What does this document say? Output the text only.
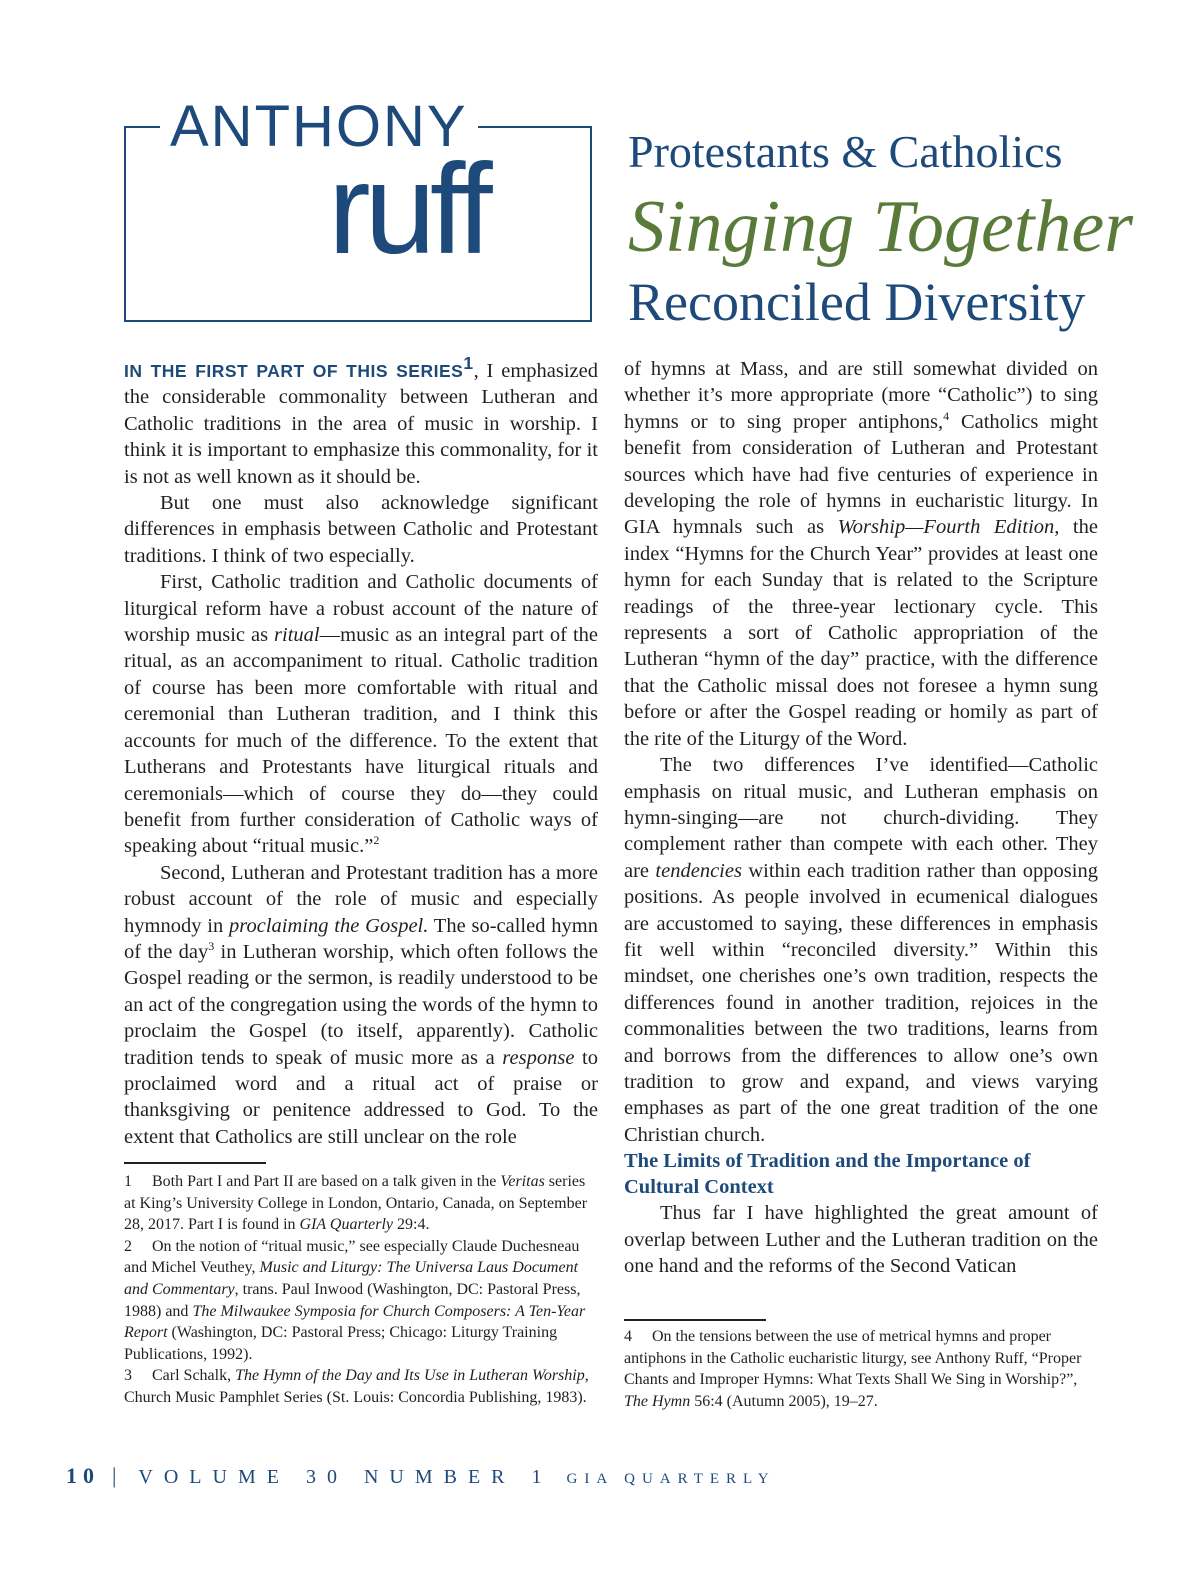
ANTHONY
ruff	Protestants & Catholics
Singing Together
Reconciled Diversity

IN THE FIRST PART OF THIS SERIES$^1$, I emphasized the considerable commonality between Lutheran and Catholic traditions in the area of music in worship. I think it is important to emphasize this commonality, for it is not as well known as it should be.

But one must also acknowledge significant differences in emphasis between Catholic and Protestant traditions. I think of two especially.

First, Catholic tradition and Catholic documents of liturgical reform have a robust account of the nature of worship music as ritual—music as an integral part of the ritual, as an accompaniment to ritual. Catholic tradition of course has been more comfortable with ritual and ceremonial than Lutheran tradition, and I think this accounts for much of the difference. To the extent that Lutherans and Protestants have liturgical rituals and ceremonials—which of course they do—they could benefit from further consideration of Catholic ways of speaking about “ritual music.”$^2$

Second, Lutheran and Protestant tradition has a more robust account of the role of music and especially hymnody in proclaiming the Gospel. The so-called hymn of the day$^3$ in Lutheran worship, which often follows the Gospel reading or the sermon, is readily understood to be an act of the congregation using the words of the hymn to proclaim the Gospel (to itself, apparently). Catholic tradition tends to speak of music more as a response to proclaimed word and a ritual act of praise or thanksgiving or penitence addressed to God. To the extent that Catholics are still unclear on the role

of hymns at Mass, and are still somewhat divided on whether it’s more appropriate (more “Catholic”) to sing hymns or to sing proper antiphons,$^4$ Catholics might benefit from consideration of Lutheran and Protestant sources which have had five centuries of experience in developing the role of hymns in eucharistic liturgy. In GIA hymnals such as Worship—Fourth Edition, the index “Hymns for the Church Year” provides at least one hymn for each Sunday that is related to the Scripture readings of the three-year lectionary cycle. This represents a sort of Catholic appropriation of the Lutheran “hymn of the day” practice, with the difference that the Catholic missal does not foresee a hymn sung before or after the Gospel reading or homily as part of the rite of the Liturgy of the Word.

The two differences I’ve identified—Catholic emphasis on ritual music, and Lutheran emphasis on hymn-singing—are not church-dividing. They complement rather than compete with each other. They are tendencies within each tradition rather than opposing positions. As people involved in ecumenical dialogues are accustomed to saying, these differences in emphasis fit well within “reconciled diversity.” Within this mindset, one cherishes one’s own tradition, respects the differences found in another tradition, rejoices in the commonalities between the two traditions, learns from and borrows from the differences to allow one’s own tradition to grow and expand, and views varying emphases as part of the one great tradition of the one Christian church.

The Limits of Tradition and the Importance of Cultural Context

Thus far I have highlighted the great amount of overlap between Luther and the Lutheran tradition on the one hand and the reforms of the Second Vatican

1 Both Part I and Part II are based on a talk given in the Veritas series at King’s University College in London, Ontario, Canada, on September 28, 2017. Part I is found in GIA Quarterly 29:4.

2 On the notion of “ritual music,” see especially Claude Duchesneau and Michel Veuthey, Music and Liturgy: The Universa Laus Document and Commentary, trans. Paul Inwood (Washington, DC: Pastoral Press, 1988) and The Milwaukee Symposia for Church Composers: A Ten-Year Report (Washington, DC: Pastoral Press; Chicago: Liturgy Training Publications, 1992).

3 Carl Schalk, The Hymn of the Day and Its Use in Lutheran Worship, Church Music Pamphlet Series (St. Louis: Concordia Publishing, 1983).

4 On the tensions between the use of metrical hymns and proper antiphons in the Catholic eucharistic liturgy, see Anthony Ruff, “Proper Chants and Improper Hymns: What Texts Shall We Sing in Worship?”, The Hymn 56:4 (Autumn 2005), 19–27.

10 | VOLUME 30 NUMBER 1 GIA QUARTERLY
